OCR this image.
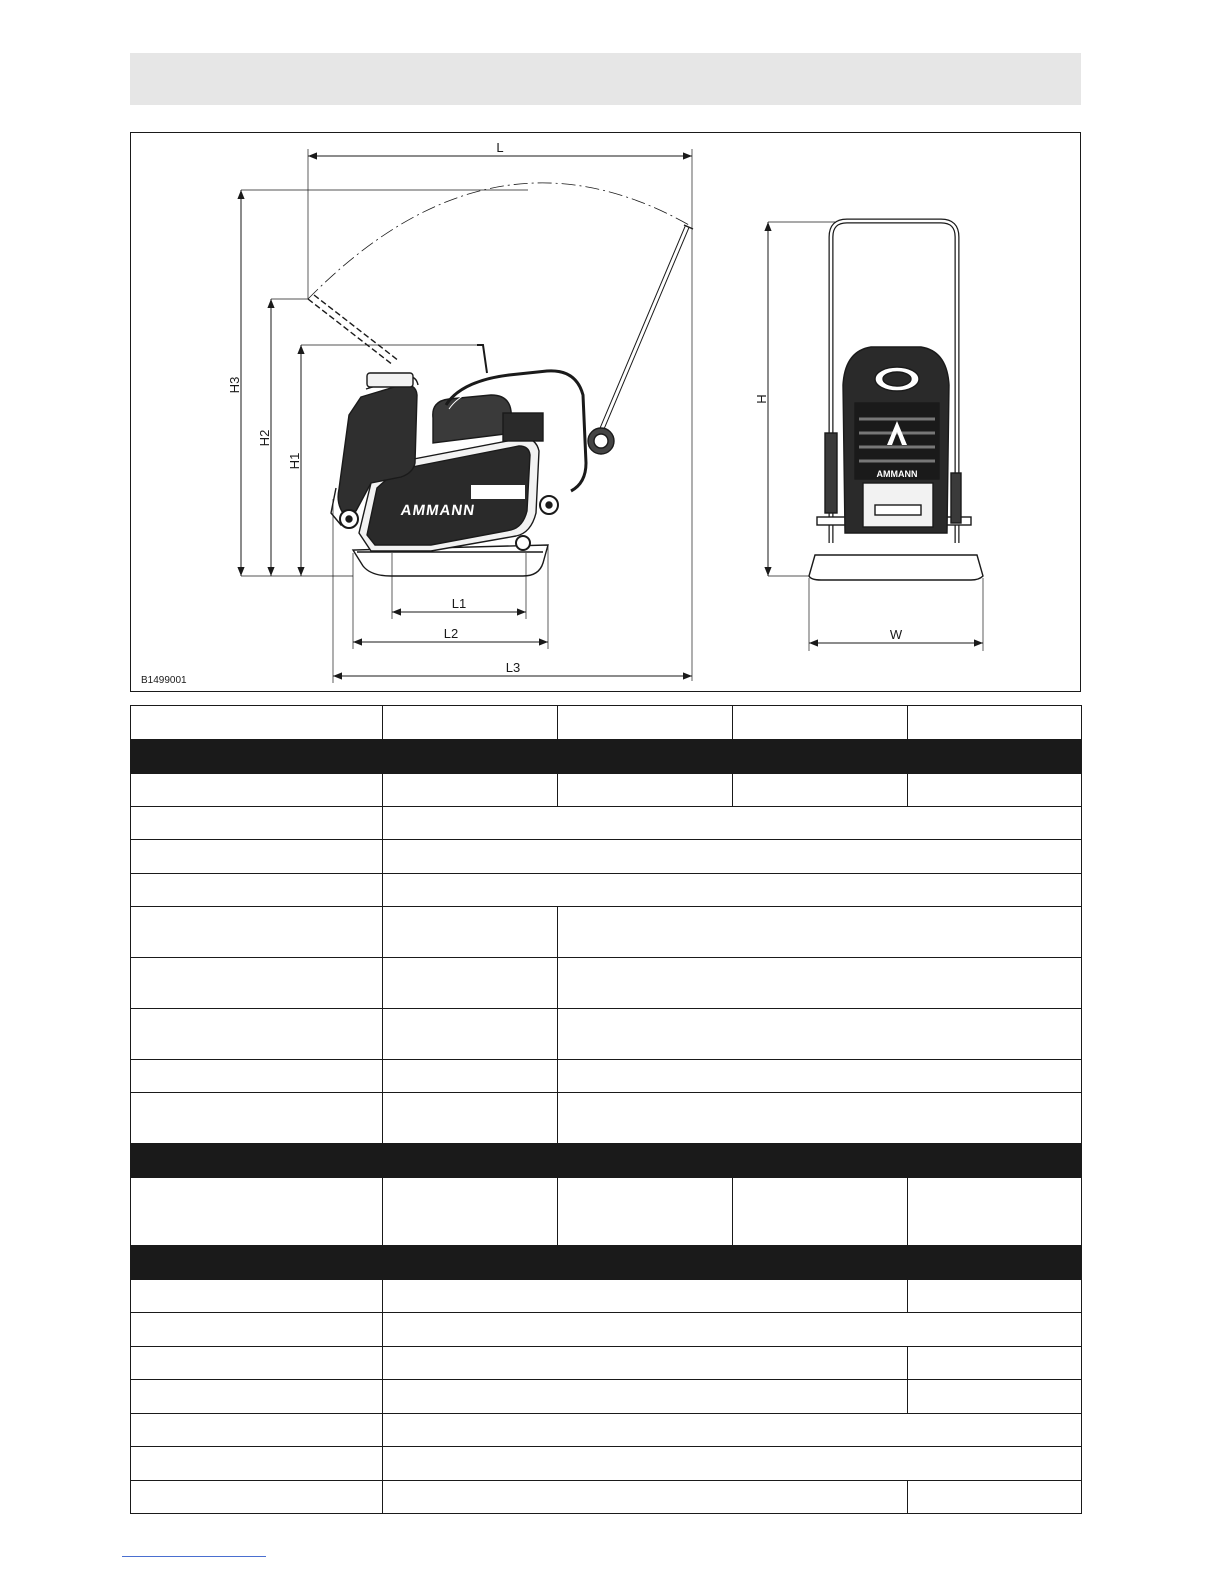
L
H3
H2
H1
AMMANN
L1
L2
L3
B1499001
H
AMMANN
W
